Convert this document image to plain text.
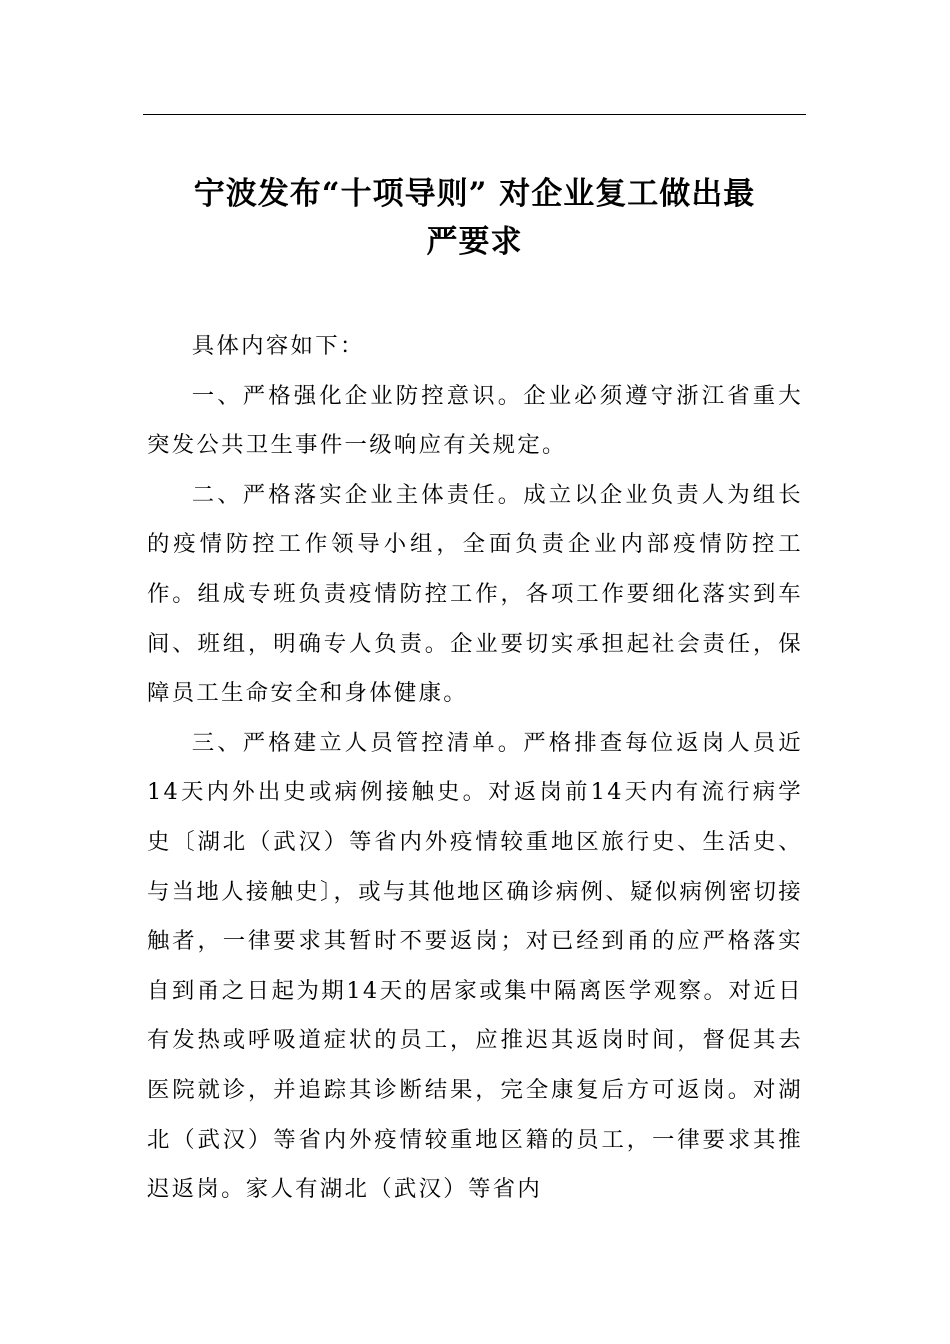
宁波发布“十项导则” 对企业复工做出最
严要求

具体内容如下：

一、严格强化企业防控意识。企业必须遵守浙江省重大突发公共卫生事件一级响应有关规定。

二、严格落实企业主体责任。成立以企业负责人为组长的疫情防控工作领导小组，全面负责企业内部疫情防控工作。组成专班负责疫情防控工作，各项工作要细化落实到车间、班组，明确专人负责。企业要切实承担起社会责任，保障员工生命安全和身体健康。

三、严格建立人员管控清单。严格排查每位返岗人员近14天内外出史或病例接触史。对返岗前14天内有流行病学史〔湖北（武汉）等省内外疫情较重地区旅行史、生活史、与当地人接触史〕，或与其他地区确诊病例、疑似病例密切接触者，一律要求其暂时不要返岗；对已经到甬的应严格落实自到甬之日起为期14天的居家或集中隔离医学观察。对近日有发热或呼吸道症状的员工，应推迟其返岗时间，督促其去医院就诊，并追踪其诊断结果，完全康复后方可返岗。对湖北（武汉）等省内外疫情较重地区籍的员工，一律要求其推迟返岗。家人有湖北（武汉）等省内
